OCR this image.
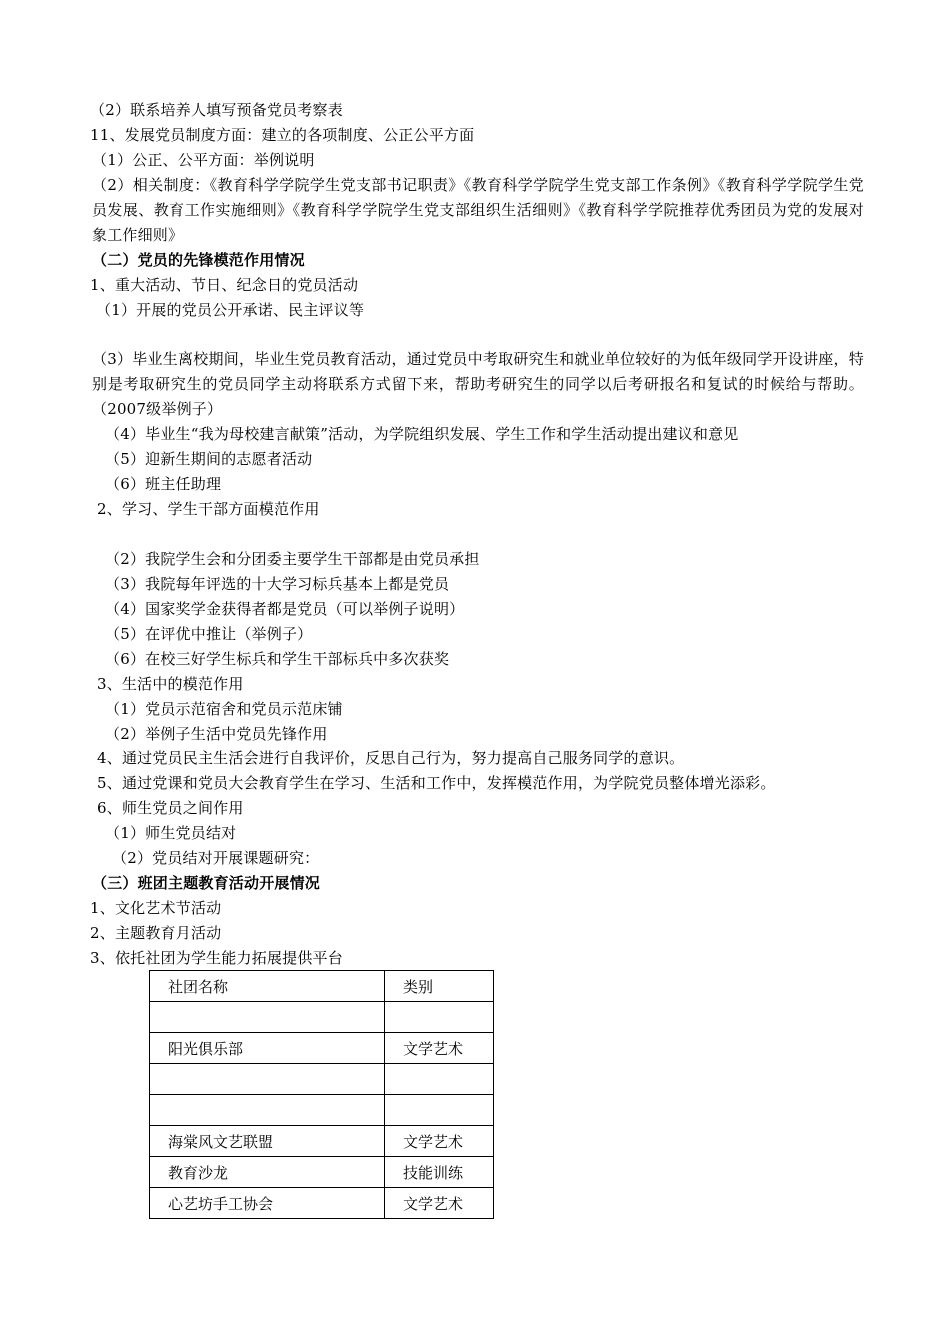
（2）联系培养人填写预备党员考察表
11、发展党员制度方面：建立的各项制度、公正公平方面
（1）公正、公平方面：举例说明
（2）相关制度：《教育科学学院学生党支部书记职责》《教育科学学院学生党支部工作条例》《教育科学学院学生党员发展、教育工作实施细则》《教育科学学院学生党支部组织生活细则》《教育科学学院推荐优秀团员为党的发展对象工作细则》
（二）党员的先锋模范作用情况
1、重大活动、节日、纪念日的党员活动
（1）开展的党员公开承诺、民主评议等
（3）毕业生离校期间，毕业生党员教育活动，通过党员中考取研究生和就业单位较好的为低年级同学开设讲座，特别是考取研究生的党员同学主动将联系方式留下来，帮助考研究生的同学以后考研报名和复试的时候给与帮助。（2007级举例子）
（4）毕业生“我为母校建言献策”活动，为学院组织发展、学生工作和学生活动提出建议和意见
（5）迎新生期间的志愿者活动
（6）班主任助理
2、学习、学生干部方面模范作用
（2）我院学生会和分团委主要学生干部都是由党员承担
（3）我院每年评选的十大学习标兵基本上都是党员
（4）国家奖学金获得者都是党员（可以举例子说明）
（5）在评优中推让（举例子）
（6）在校三好学生标兵和学生干部标兵中多次获奖
3、生活中的模范作用
（1）党员示范宿舍和党员示范床铺
（2）举例子生活中党员先锋作用
4、通过党员民主生活会进行自我评价，反思自己行为，努力提高自己服务同学的意识。
5、通过党课和党员大会教育学生在学习、生活和工作中，发挥模范作用，为学院党员整体增光添彩。
6、师生党员之间作用
（1）师生党员结对
（2）党员结对开展课题研究：
（三）班团主题教育活动开展情况
1、文化艺术节活动
2、主题教育月活动
3、依托社团为学生能力拓展提供平台
社团名称	类别

阳光俱乐部	文学艺术

海棠风文艺联盟	文学艺术
教育沙龙	技能训练
心艺坊手工协会	文学艺术
